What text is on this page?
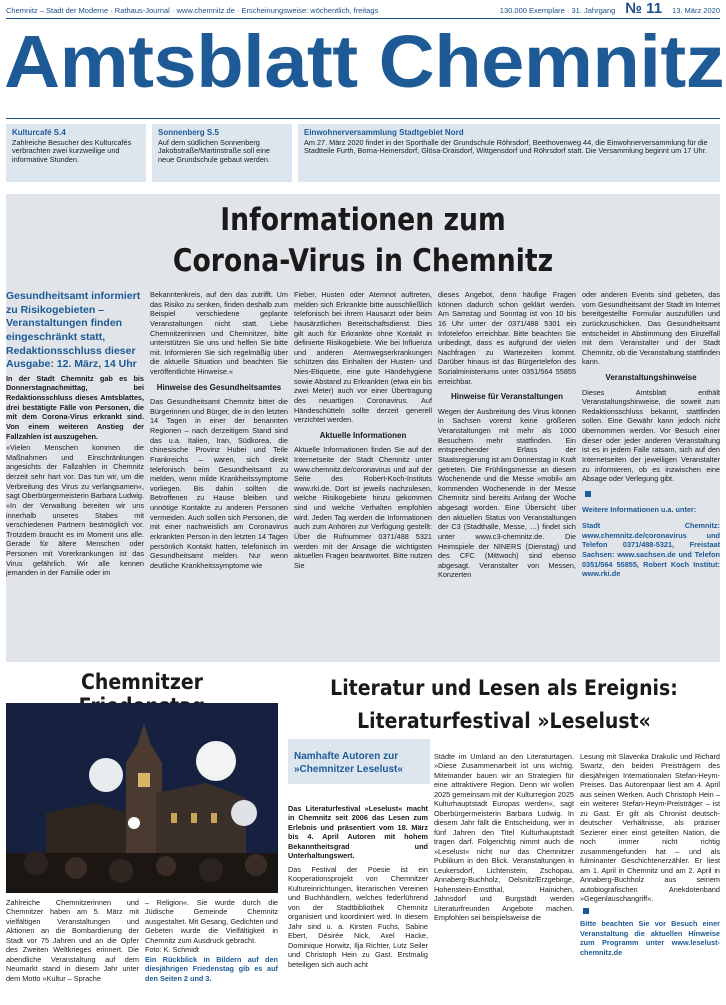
Chemnitz – Stadt der Moderne · Rathaus-Journal · www.chemnitz.de · Erscheinungsweise: wöchentlich, freitags	130.000 Exemplare · 31. Jahrgang № 11 13. März 2020
Amtsblatt Chemnitz
Kulturcafé S.4
Zahlreiche Besucher des Kulturcafés verbrachten zwei kurzweilige und informative Stunden.
Sonnenberg S.5
Auf dem südlichen Sonnenberg Jakobstraße/Martinstraße soll eine neue Grundschule gebaut werden.
Einwohnerversammlung Stadtgebiet Nord
Am 27. März 2020 findet in der Sporthalle der Grundschule Röhrsdorf, Beethovenweg 44, die Einwohnerversammlung für die Stadtteile Furth, Borna-Heinersdorf, Glösa-Draisdorf, Wittgensdorf und Röhrsdorf statt. Die Versammlung beginnt um 17 Uhr.
Informationen zum
Corona-Virus in Chemnitz

Gesundheitsamt informiert zu Risikogebieten – Veranstaltungen finden eingeschränkt statt, Redaktionsschluss dieser Ausgabe: 12. März, 14 Uhr

In der Stadt Chemnitz gab es bis Donnerstagnachmittag, bei Redaktionsschluss dieses Amtsblattes, drei bestätigte Fälle von Personen, die mit dem Corona-Virus erkrankt sind. Von einem weiteren Anstieg der Fallzahlen ist auszugehen.

»Vielen Menschen kommen die Maßnahmen und Einschränkungen angesichts der Fallzahlen in Chemnitz derzeit sehr hart vor. Das tun wir, um die Verbreitung des Virus zu verlangsamen«, sagt Oberbürgermeisterin Barbara Ludwig. »In der Verwaltung bereiten wir uns innerhalb unseres Stabes mit verschiedenen Partnern bestmöglich vor. Trotzdem braucht es im Moment uns alle. Gerade für ältere Menschen oder Personen mit Vorerkrankungen ist das Virus gefährlich. Wir alle kennen jemanden in der Familie oder im

Bekanntenkreis, auf den das zutrifft. Um das Risiko zu senken, finden deshalb zum Beispiel verschiedene geplante Veranstaltungen nicht statt. Liebe Chemnitzerinnen und Chemnitzer, bitte unterstützen Sie uns und helfen Sie bitte mit. Informieren Sie sich regelmäßig über die aktuelle Situation und beachten Sie veröffentlichte Hinweise.«

Hinweise des Gesundheitsamtes

Das Gesundheitsamt Chemnitz bittet die Bürgerinnen und Bürger, die in den letzten 14 Tagen in einer der benannten Regionen – nach derzeitigem Stand sind das u.a. Italien, Iran, Südkorea, die chinesische Provinz Hubei und Teile Frankreichs – waren, sich direkt telefonisch beim Gesundheitsamt zu melden, wenn milde Krankheitssymptome vorliegen. Bis dahin sollten die Betroffenen zu Hause bleiben und unnötige Kontakte zu anderen Personen vermeiden. Auch sollen sich Personen, die mit einer nachweislich am Coronavirus erkrankten Person in den letzten 14 Tagen persönlich Kontakt hatten, telefonisch im Gesundheitsamt melden. Nur wenn deutliche Krankheitssymptome wie

Fieber, Husten oder Atemnot auftreten, melden sich Erkrankte bitte ausschließlich telefonisch bei ihrem Hausarzt oder beim hausärztlichen Bereitschaftsdienst. Dies gilt auch für Erkrankte ohne Kontakt in definierte Risikogebiete. Wie bei Influenza und anderen Atemwegserkrankungen schützen das Einhalten der Husten- und Nies-Etiquette, eine gute Händehygiene sowie Abstand zu Erkrankten (etwa ein bis zwei Meter) auch vor einer Übertragung des neuartigen Coronavirus. Auf Händeschütteln sollte derzeit generell verzichtet werden.

Aktuelle Informationen

Aktuelle Informationen finden Sie auf der Internetseite der Stadt Chemnitz unter www.chemnitz.de/coronavirus und auf der Seite des Robert-Koch-Instituts www.rki.de. Dort ist jeweils nachzulesen, welche Risikogebiete hinzu gekommen sind und welche Verhalten empfohlen wird. Jeden Tag werden die Informationen auch zum Anhören zur Verfügung gestellt: Über die Rufnummer 0371/488 5321 werden mit der Ansage die wichtigsten aktuellen Fragen beantwortet. Bitte nutzen Sie

dieses Angebot, denn häufige Fragen können dadurch schon geklärt werden. Am Samstag und Sonntag ist von 10 bis 16 Uhr unter der 0371/488 5301 ein Infotelefon erreichbar. Bitte beachten Sie unbedingt, dass es aufgrund der vielen Nachfragen zu Wartezeiten kommt. Darüber hinaus ist das Bürgertelefon des Sozialministeriums unter 0351/564 55855 erreichbar.

Hinweise für Veranstaltungen

Wegen der Ausbreitung des Virus können in Sachsen vorerst keine größeren Veranstaltungen mit mehr als 1000 Besuchern mehr stattfinden. Ein entsprechender Erlass der Staatsregierung ist am Donnerstag in Kraft getreten. Die Frühlingsmesse an diesem Wochenende und die Messe »mobil« am kommenden Wochenende in der Messe Chemnitz sind bereits Anfang der Woche abgesagt worden. Eine Übersicht über den aktuellen Status von Veranstaltungen der C3 (Stadthalle, Messe, …) findet sich unter www.c3-chemnitz.de. Die Heimspiele der NINERS (Dienstag) und des CFC (Mittwoch) sind ebenso abgesagt. Veranstalter von Messen, Konzerten

oder anderen Events sind gebeten, das vom Gesundheitsamt der Stadt im Internet bereitgestellte Formular auszufüllen und zurückzuschicken. Das Gesundheitsamt entscheidet in Abstimmung den Einzelfall mit dem Veranstalter und der Stadt Chemnitz, ob die Veranstaltung stattfinden kann.

Veranstaltungshinweise

Dieses Amtsblatt enthält Veranstaltungshinweise, die soweit zum Redaktionsschluss bekannt, stattfinden sollen. Eine Gewähr kann jedoch nicht übernommen werden. Vor Besuch einer dieser oder jeder anderen Veranstaltung ist es in jedem Falle ratsam, sich auf den Internetseiten der jeweiligen Veranstalter zu informieren, ob es inzwischen eine Absage oder Verlegung gibt.

Weitere Informationen u.a. unter:

Stadt Chemnitz: www.chemnitz.de/coronavirus und Telefon 0371/488-5321, Freistaat Sachsen: www.sachsen.de und Telefon 0351/564 55855, Robert Koch Institut: www.rki.de

Chemnitzer

Zahlreiche Chemnitzerinnen und Chemnitzer haben am 5. März mit vielfältigen Veranstaltungen und Aktionen an die Bombardierung der Stadt vor 75 Jahren und an die Opfer des Zweiten Weltkrieges erinnert. Die abendliche Veranstaltung auf dem Neumarkt stand in diesem Jahr unter dem Motto »Kultur – Sprache

– Religion«. Sie wurde durch die Jüdische Gemeinde Chemnitz ausgestaltet. Mit Gesang, Gedichten und Gebeten wurde die Vielfältigkeit in Chemnitz zum Ausdruck gebracht.

Foto: K. Schmidt

Ein Rückblick in Bildern auf den diesjährigen Friedenstag gib es auf den Seiten 2 und 3.

Literatur und Lesen als Ereignis:
Literaturfestival »Leselust«

Das Literaturfestival »Leselust« macht in Chemnitz seit 2006 das Lesen zum Erlebnis und präsentiert vom 18. März bis 4. April Autoren mit hohem Bekanntheitsgrad und Unterhaltungswert.

Das Festival der Poesie ist ein Kooperationsprojekt von Chemnitzer Kultureinrichtungen, literarischen Vereinen und Buchhändlern, welches federführend von der Stadtbibliothek Chemnitz organisiert und koordiniert wird. In diesem Jahr sind u. a. Kirsten Fuchs, Sabine Ebert, Désirée Nick, Axel Hacke, Dominique Horwitz, Ilja Richter, Lutz Seiler und Christoph Hein zu Gast. Erstmalig beteiligen sich auch acht

Städte im Umland an den Literaturtagen. »Diese Zusammenarbeit ist uns wichtig. Miteinander bauen wir an Strategien für eine attraktivere Region. Denn wir wollen 2025 gemeinsam mit der Kulturregion 2025 Kulturhauptstadt Europas werden«, sagt Oberbürgermeisterin Barbara Ludwig. In diesem Jahr fällt die Entscheidung, wer in fünf Jahren den Titel Kulturhauptstadt tragen darf. Folgerichtig nimmt auch die »Leselust« nicht nur das Chemnitzer Publikum in den Blick. Veranstaltungen in Leukersdorf, Lichtenstein, Zschopau, Annaberg-Buchholz, Oelsnitz/Erzgebirge, Hohenstein-Ernstthal, Hainichen, Jahnsdorf und Burgstädt werden Literaturfreunden Angebote machen. Empfohlen sei beispielsweise die

Lesung mit Slavenka Drakulic und Richard Swartz, den beiden Preisträgern des diesjährigen Internationalen Stefan-Heym-Preises. Das Autorenpaar liest am 4. April aus seinen Werken. Auch Christoph Hein – ein weiterer Stefan-Heym-Preisträger – ist zu Gast. Er gilt als Chronist deutsch-deutscher Verhältnisse, als präziser Sezierer einer einst geteilten Nation, die noch immer nicht richtig zusammengefunden hat – und als fulminanter Geschichtenerzähler. Er liest am 1. April in Chemnitz und am 2. April in Annaberg-Buchholz aus seinem autobiografischen Anekdotenband »Gegenlauschangriff«.

Bitte beachten Sie vor Besuch einer Veranstaltung die aktuellen Hinweise zum Programm unter www.leselust-chemnitz.de

Namhafte Autoren zur »Chemnitzer Leselust«
